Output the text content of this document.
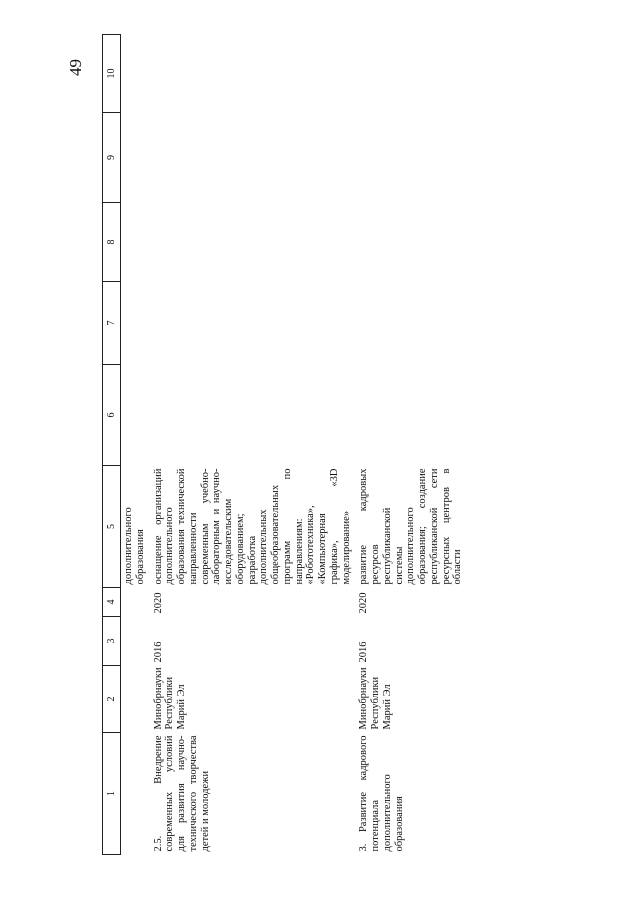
49
1	2	3	4	5	6	7	8	9	10
				дополнительного образования					
2.5. Внедрение современных условий для развития научно-технического творчества детей и молодежи	Минобрнауки Республики Марий Эл	2016	2020	оснащение организаций дополнительного образования технической направленности современным учебно-лабораторным и научно-исследовательским оборудованием; разработка дополнительных общеобразовательных программ по направлениям: «Робототехника», «Компьютерная графика», «3D моделирование»					
3. Развитие кадрового потенциала дополнительного образования	Минобрнауки Республики Марий Эл	2016	2020	развитие кадровых ресурсов республиканской системы дополнительного образования; создание республиканской сети ресурсных центров в области					
